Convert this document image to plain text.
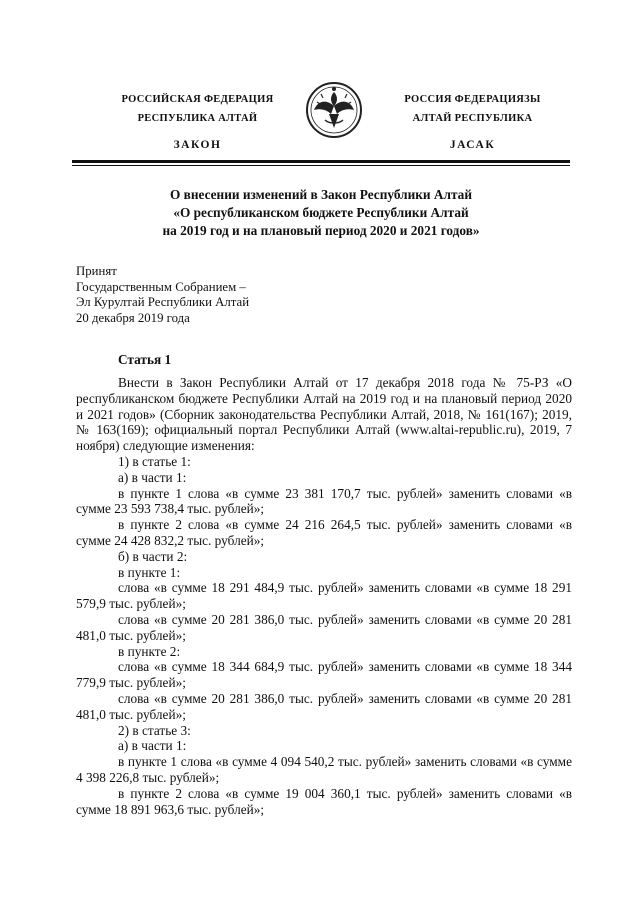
РОССИЙСКАЯ ФЕДЕРАЦИЯ
РЕСПУБЛИКА АЛТАЙ
ЗАКОН
РОССИЯ ФЕДЕРАЦИЯЗЫ
АЛТАЙ РЕСПУБЛИКА
ЈАСАК
О внесении изменений в Закон Республики Алтай
«О республиканском бюджете Республики Алтай
на 2019 год и на плановый период 2020 и 2021 годов»
Принят
Государственным Собранием –
Эл Курултай Республики Алтай
20 декабря 2019 года
Статья 1

Внести в Закон Республики Алтай от 17 декабря 2018 года № 75-РЗ «О республиканском бюджете Республики Алтай на 2019 год и на плановый период 2020 и 2021 годов» (Сборник законодательства Республики Алтай, 2018, № 161(167); 2019, № 163(169); официальный портал Республики Алтай (www.altai-republic.ru), 2019, 7 ноября) следующие изменения:

1) в статье 1:

а) в части 1:

в пункте 1 слова «в сумме 23 381 170,7 тыс. рублей» заменить словами «в сумме 23 593 738,4 тыс. рублей»;

в пункте 2 слова «в сумме 24 216 264,5 тыс. рублей» заменить словами «в сумме 24 428 832,2 тыс. рублей»;

б) в части 2:

в пункте 1:

слова «в сумме 18 291 484,9 тыс. рублей» заменить словами «в сумме 18 291 579,9 тыс. рублей»;

слова «в сумме 20 281 386,0 тыс. рублей» заменить словами «в сумме 20 281 481,0 тыс. рублей»;

в пункте 2:

слова «в сумме 18 344 684,9 тыс. рублей» заменить словами «в сумме 18 344 779,9 тыс. рублей»;

слова «в сумме 20 281 386,0 тыс. рублей» заменить словами «в сумме 20 281 481,0 тыс. рублей»;

2) в статье 3:

а) в части 1:

в пункте 1 слова «в сумме 4 094 540,2 тыс. рублей» заменить словами «в сумме 4 398 226,8 тыс. рублей»;

в пункте 2 слова «в сумме 19 004 360,1 тыс. рублей» заменить словами «в сумме 18 891 963,6 тыс. рублей»;
